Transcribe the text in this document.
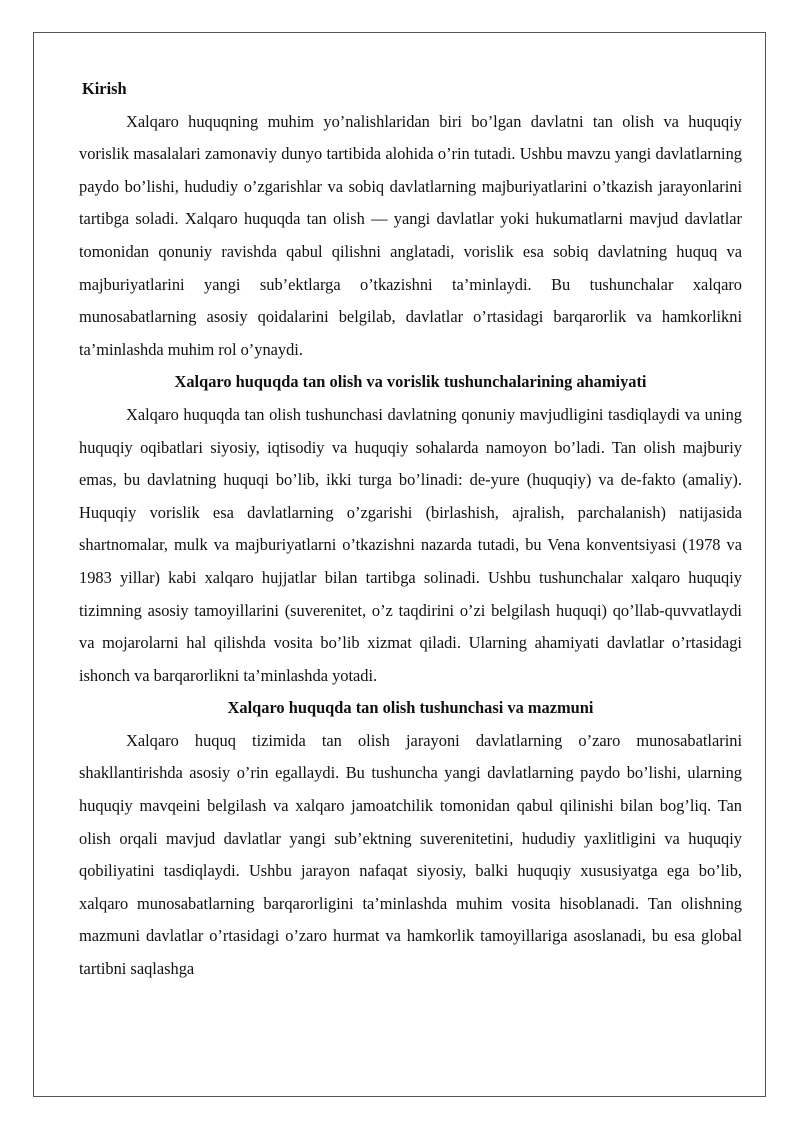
Kirish

Xalqaro huquqning muhim yo’nalishlaridan biri bo’lgan davlatni tan olish va huquqiy vorislik masalalari zamonaviy dunyo tartibida alohida o’rin tutadi. Ushbu mavzu yangi davlatlarning paydo bo’lishi, hududiy o’zgarishlar va sobiq davlatlarning majburiyatlarini o’tkazish jarayonlarini tartibga soladi. Xalqaro huquqda tan olish — yangi davlatlar yoki hukumatlarni mavjud davlatlar tomonidan qonuniy ravishda qabul qilishni anglatadi, vorislik esa sobiq davlatning huquq va majburiyatlarini yangi sub’ektlarga o’tkazishni ta’minlaydi. Bu tushunchalar xalqaro munosabatlarning asosiy qoidalarini belgilab, davlatlar o’rtasidagi barqarorlik va hamkorlikni ta’minlashda muhim rol o’ynaydi.

Xalqaro huquqda tan olish va vorislik tushunchalarining ahamiyati

Xalqaro huquqda tan olish tushunchasi davlatning qonuniy mavjudligini tasdiqlaydi va uning huquqiy oqibatlari siyosiy, iqtisodiy va huquqiy sohalarda namoyon bo’ladi. Tan olish majburiy emas, bu davlatning huquqi bo’lib, ikki turga bo’linadi: de-yure (huquqiy) va de-fakto (amaliy). Huquqiy vorislik esa davlatlarning o’zgarishi (birlashish, ajralish, parchalanish) natijasida shartnomalar, mulk va majburiyatlarni o’tkazishni nazarda tutadi, bu Vena konventsiyasi (1978 va 1983 yillar) kabi xalqaro hujjatlar bilan tartibga solinadi. Ushbu tushunchalar xalqaro huquqiy tizimning asosiy tamoyillarini (suverenitet, o’z taqdirini o’zi belgilash huquqi) qo’llab-quvvatlaydi va mojarolarni hal qilishda vosita bo’lib xizmat qiladi. Ularning ahamiyati davlatlar o’rtasidagi ishonch va barqarorlikni ta’minlashda yotadi.

Xalqaro huquqda tan olish tushunchasi va mazmuni

Xalqaro huquq tizimida tan olish jarayoni davlatlarning o’zaro munosabatlarini shakllantirishda asosiy o’rin egallaydi. Bu tushuncha yangi davlatlarning paydo bo’lishi, ularning huquqiy mavqeini belgilash va xalqaro jamoatchilik tomonidan qabul qilinishi bilan bog’liq. Tan olish orqali mavjud davlatlar yangi sub’ektning suverenitetini, hududiy yaxlitligini va huquqiy qobiliyatini tasdiqlaydi. Ushbu jarayon nafaqat siyosiy, balki huquqiy xususiyatga ega bo’lib, xalqaro munosabatlarning barqarorligini ta’minlashda muhim vosita hisoblanadi. Tan olishning mazmuni davlatlar o’rtasidagi o’zaro hurmat va hamkorlik tamoyillariga asoslanadi, bu esa global tartibni saqlashga
